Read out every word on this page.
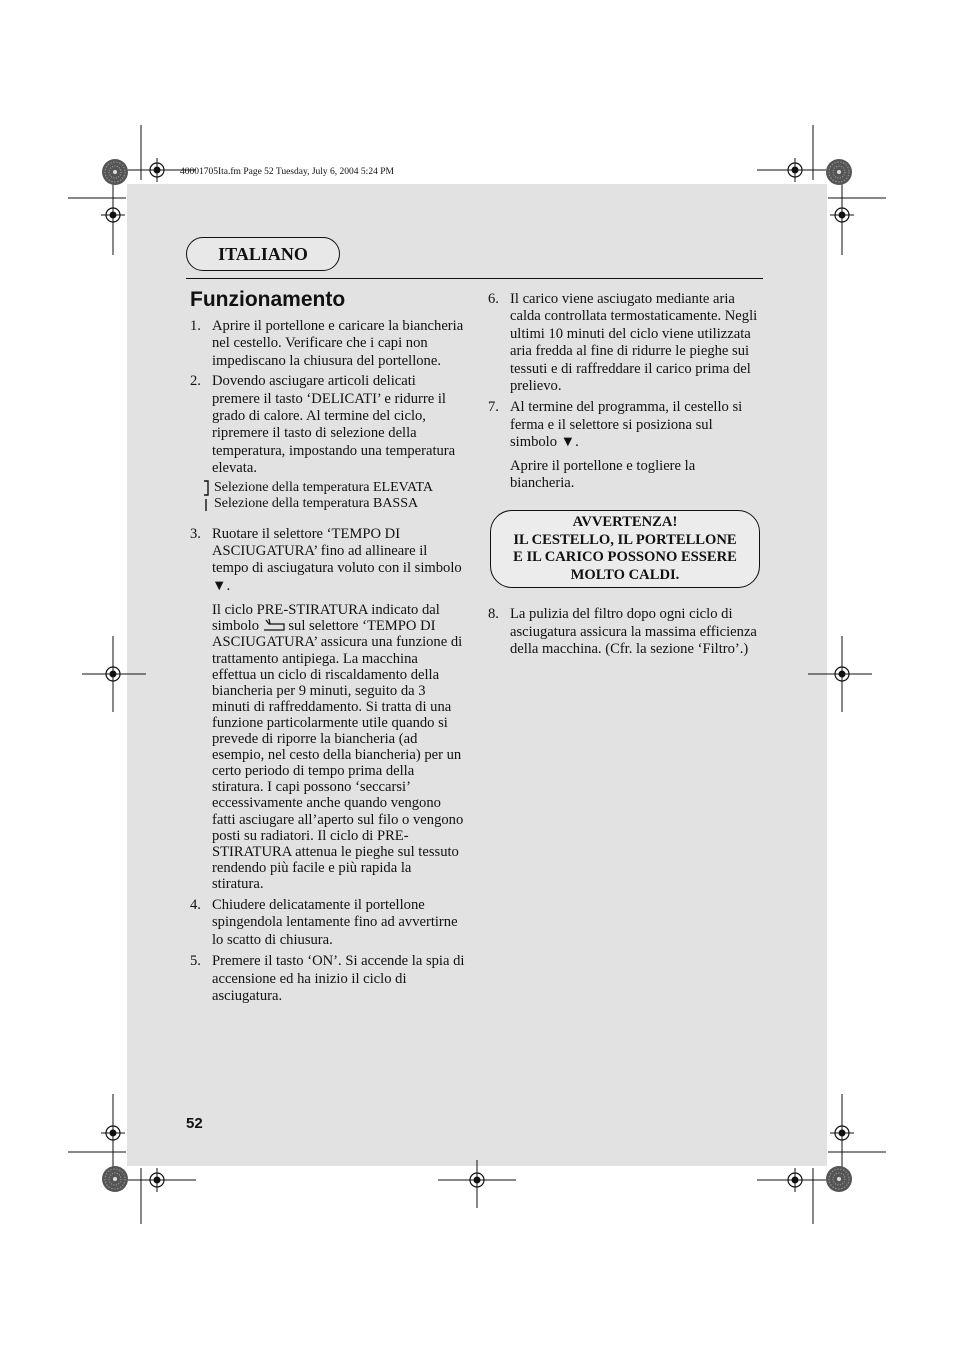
40001705Ita.fm Page 52 Tuesday, July 6, 2004 5:24 PM
ITALIANO
Funzionamento
1. Aprire il portellone e caricare la biancheria nel cestello. Verificare che i capi non impediscano la chiusura del portellone.
2. Dovendo asciugare articoli delicati premere il tasto ‘DELICATI’ e ridurre il grado di calore. Al termine del ciclo, ripremere il tasto di selezione della temperatura, impostando una temperatura elevata.
Selezione della temperatura ELEVATA
Selezione della temperatura BASSA
3. Ruotare il selettore ‘TEMPO DI ASCIUGATURA’ fino ad allineare il tempo di asciugatura voluto con il simbolo ▼.
Il ciclo PRE-STIRATURA indicato dal simbolo sul selettore ‘TEMPO DI ASCIUGATURA’ assicura una funzione di trattamento antipiega. La macchina effettua un ciclo di riscaldamento della biancheria per 9 minuti, seguito da 3 minuti di raffreddamento. Si tratta di una funzione particolarmente utile quando si prevede di riporre la biancheria (ad esempio, nel cesto della biancheria) per un certo periodo di tempo prima della stiratura. I capi possono ‘seccarsi’ eccessivamente anche quando vengono fatti asciugare all’aperto sul filo o vengono posti su radiatori. Il ciclo di PRE-STIRATURA attenua le pieghe sul tessuto rendendo più facile e più rapida la stiratura.
4. Chiudere delicatamente il portellone spingendola lentamente fino ad avvertirne lo scatto di chiusura.
5. Premere il tasto ‘ON’. Si accende la spia di accensione ed ha inizio il ciclo di asciugatura.
6. Il carico viene asciugato mediante aria calda controllata termostaticamente. Negli ultimi 10 minuti del ciclo viene utilizzata aria fredda al fine di ridurre le pieghe sui tessuti e di raffreddare il carico prima del prelievo.
7. Al termine del programma, il cestello si ferma e il selettore si posiziona sul simbolo ▼.
Aprire il portellone e togliere la biancheria.
AVVERTENZA!
IL CESTELLO, IL PORTELLONE
E IL CARICO POSSONO ESSERE
MOLTO CALDI.
8. La pulizia del filtro dopo ogni ciclo di asciugatura assicura la massima efficienza della macchina. (Cfr. la sezione ‘Filtro’.)
52
